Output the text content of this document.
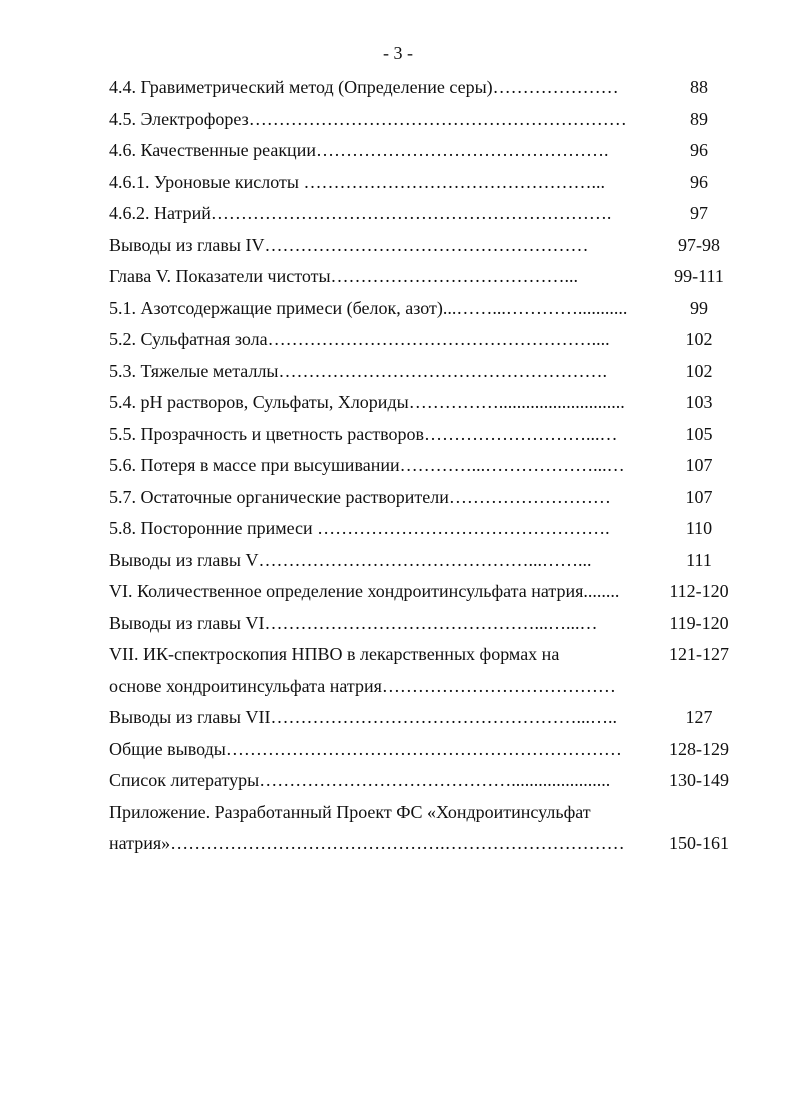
- 3 -
4.4. Гравиметрический метод (Определение серы)…………………	88
4.5. Электрофорез………………………………………………………	89
4.6. Качественные реакции………………………………………….	96
4.6.1. Уроновые кислоты …………………………………………...	96
4.6.2. Натрий………………………………………………………….	97
Выводы из главы IV………………………………………………	97-98
Глава V. Показатели чистоты…………………………………...	99-111
5.1. Азотсодержащие примеси (белок, азот)...……...…………...........	99
5.2. Сульфатная зола………………………………………………....	102
5.3. Тяжелые металлы……………………………………………….	102
5.4. pH растворов, Сульфаты, Хлориды……………............................	103
5.5. Прозрачность и цветность растворов………………………...…	105
5.6. Потеря в массе при высушивании…………...………………...…	107
5.7. Остаточные органические растворители………………………	107
5.8. Посторонние примеси ………………………………………….	110
Выводы из главы V………………………………………...……...	111
VI. Количественное определение хондроитинсульфата натрия........	112-120
Выводы из главы VI………………………………………...…...…	119-120
VII. ИК-спектроскопия НПВО в лекарственных формах на	121-127
основе хондроитинсульфата натрия…………………………………
Выводы из главы VII……………………………………………...…..	127
Общие выводы…………………………………………………………	128-129
Список литературы……………………………………......................	130-149
Приложение. Разработанный Проект ФС «Хондроитинсульфат
натрия»……………………………………….………………………… 150-161
